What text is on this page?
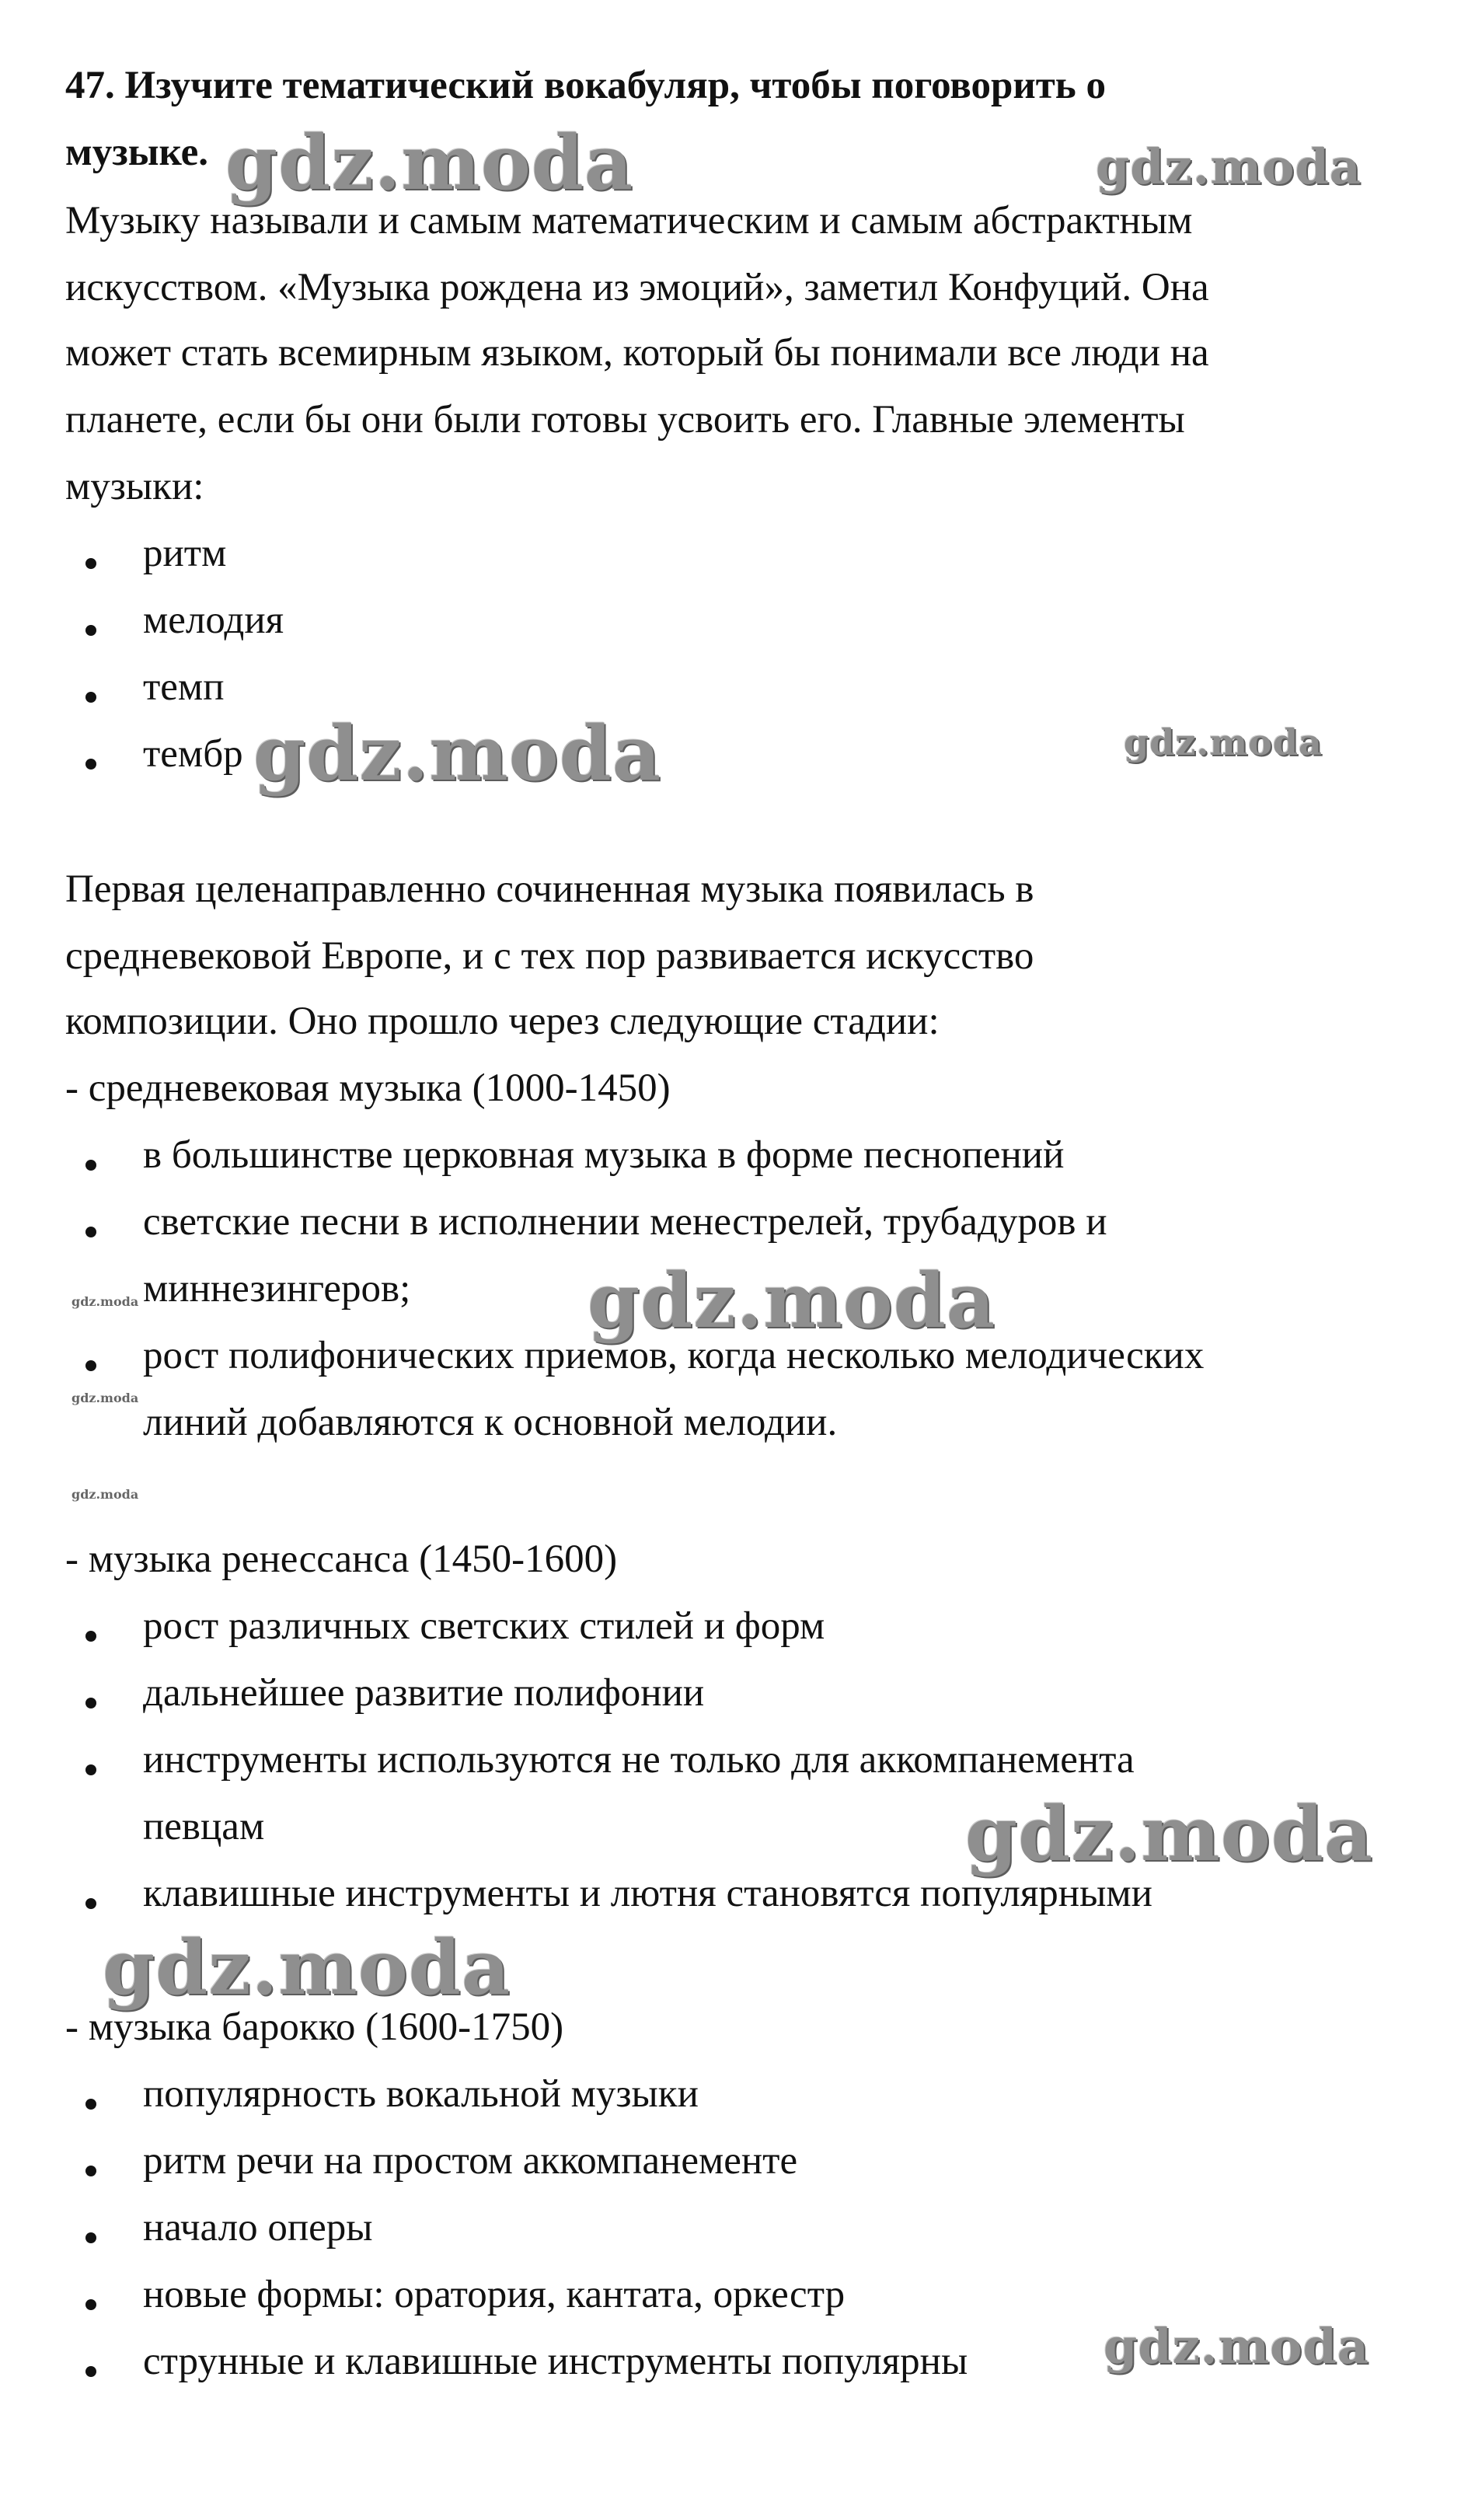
47. Изучите тематический вокабуляр, чтобы поговорить о
музыке.
Музыку называли и самым математическим и самым абстрактным
искусством. «Музыка рождена из эмоций», заметил Конфуций. Она
может стать всемирным языком, который бы понимали все люди на
планете, если бы они были готовы усвоить его. Главные элементы
музыки:
ритм
мелодия
темп
тембр
Первая целенаправленно сочиненная музыка появилась в
средневековой Европе, и с тех пор развивается искусство
композиции. Оно прошло через следующие стадии:
- средневековая музыка (1000-1450)
в большинстве церковная музыка в форме песнопений
светские песни в исполнении менестрелей, трубадуров и
миннезингеров;
рост полифонических приемов, когда несколько мелодических
линий добавляются к основной мелодии.
- музыка ренессанса (1450-1600)
рост различных светских стилей и форм
дальнейшее развитие полифонии
инструменты используются не только для аккомпанемента
певцам
клавишные инструменты и лютня становятся популярными
- музыка барокко (1600-1750)
популярность вокальной музыки
ритм речи на простом аккомпанементе
начало оперы
новые формы: оратория, кантата, оркестр
струнные и клавишные инструменты популярны
gdz.moda	gdz.moda
gdz.moda	gdz.moda
gdz.moda
gdz.moda
gdz.moda
gdz.moda
gdz.moda
gdz.moda
gdz.moda
